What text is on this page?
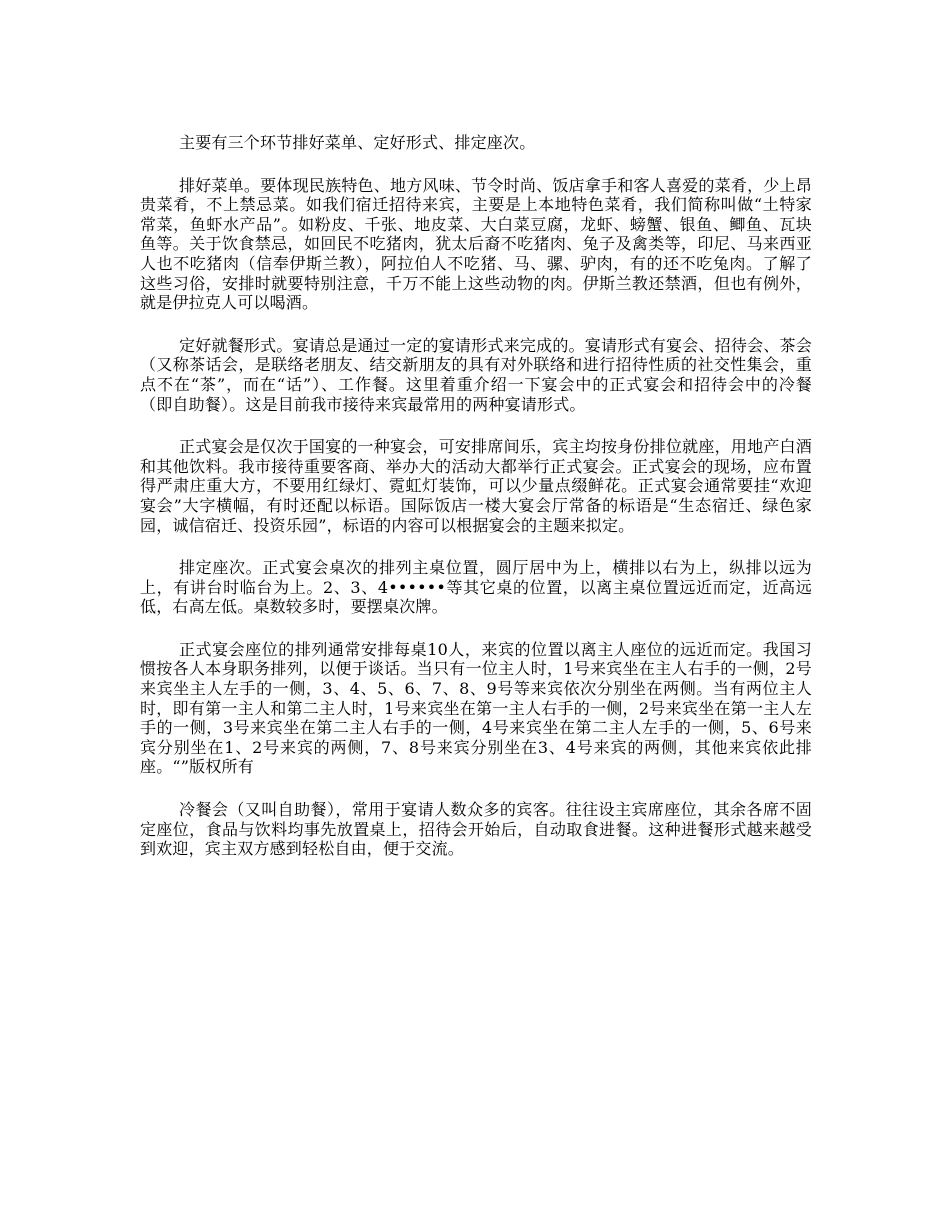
主要有三个环节排好菜单、定好形式、排定座次。

排好菜单。要体现民族特色、地方风味、节令时尚、饭店拿手和客人喜爱的菜肴，少上昂贵菜肴，不上禁忌菜。如我们宿迁招待来宾，主要是上本地特色菜肴，我们简称叫做“土特家常菜，鱼虾水产品”。如粉皮、千张、地皮菜、大白菜豆腐，龙虾、螃蟹、银鱼、鲫鱼、瓦块鱼等。关于饮食禁忌，如回民不吃猪肉，犹太后裔不吃猪肉、兔子及禽类等，印尼、马来西亚人也不吃猪肉（信奉伊斯兰教），阿拉伯人不吃猪、马、骡、驴肉，有的还不吃兔肉。了解了这些习俗，安排时就要特别注意，千万不能上这些动物的肉。伊斯兰教还禁酒，但也有例外，就是伊拉克人可以喝酒。

定好就餐形式。宴请总是通过一定的宴请形式来完成的。宴请形式有宴会、招待会、茶会（又称茶话会，是联络老朋友、结交新朋友的具有对外联络和进行招待性质的社交性集会，重点不在“茶”，而在“话”）、工作餐。这里着重介绍一下宴会中的正式宴会和招待会中的冷餐（即自助餐）。这是目前我市接待来宾最常用的两种宴请形式。

正式宴会是仅次于国宴的一种宴会，可安排席间乐，宾主均按身份排位就座，用地产白酒和其他饮料。我市接待重要客商、举办大的活动大都举行正式宴会。正式宴会的现场，应布置得严肃庄重大方，不要用红绿灯、霓虹灯装饰，可以少量点缀鲜花。正式宴会通常要挂“欢迎宴会”大字横幅，有时还配以标语。国际饭店一楼大宴会厅常备的标语是“生态宿迁、绿色家园，诚信宿迁、投资乐园”，标语的内容可以根据宴会的主题来拟定。

排定座次。正式宴会桌次的排列主桌位置，圆厅居中为上，横排以右为上，纵排以远为上，有讲台时临台为上。2、3、4••••••等其它桌的位置，以离主桌位置远近而定，近高远低，右高左低。桌数较多时，要摆桌次牌。

正式宴会座位的排列通常安排每桌10人，来宾的位置以离主人座位的远近而定。我国习惯按各人本身职务排列，以便于谈话。当只有一位主人时，1号来宾坐在主人右手的一侧，2号来宾坐主人左手的一侧，3、4、5、6、7、8、9号等来宾依次分别坐在两侧。当有两位主人时，即有第一主人和第二主人时，1号来宾坐在第一主人右手的一侧，2号来宾坐在第一主人左手的一侧，3号来宾坐在第二主人右手的一侧，4号来宾坐在第二主人左手的一侧，5、6号来宾分别坐在1、2号来宾的两侧，7、8号来宾分别坐在3、4号来宾的两侧，其他来宾依此排座。“”版权所有

冷餐会（又叫自助餐），常用于宴请人数众多的宾客。往往设主宾席座位，其余各席不固定座位，食品与饮料均事先放置桌上，招待会开始后，自动取食进餐。这种进餐形式越来越受到欢迎，宾主双方感到轻松自由，便于交流。
